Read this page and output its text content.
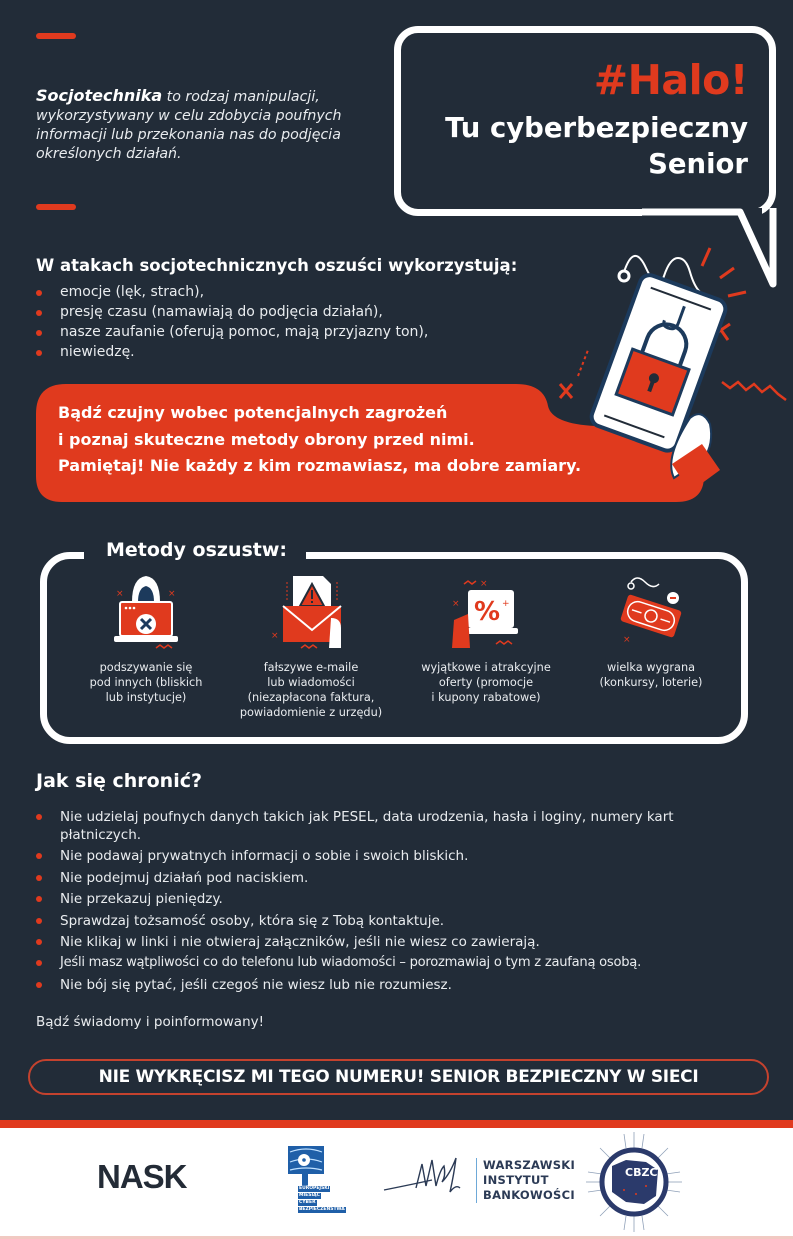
Socjotechnika to rodzaj manipulacji, wykorzystywany w celu zdobycia poufnych informacji lub przekonania nas do podjęcia określonych działań.

#Halo!
Tu cyberbezpieczny
Senior
W atakach socjotechnicznych oszuści wykorzystują:
emocje (lęk, strach),
presję czasu (namawiają do podjęcia działań),
nasze zaufanie (oferują pomoc, mają przyjazny ton),
niewiedzę.
Bądź czujny wobec potencjalnych zagrożeń
i poznaj skuteczne metody obrony przed nimi.
Pamiętaj! Nie każdy z kim rozmawiasz, ma dobre zamiary.
Metody oszustw:
×	×
podszywanie się
pod innych (bliskich
lub instytucje)
×
fałszywe e-maile
lub wiadomości
(niezapłacona faktura,
powiadomienie z urzędu)
×
× % +
wyjątkowe i atrakcyjne
oferty (promocje
i kupony rabatowe)
×
wielka wygrana
(konkursy, loterie)
Jak się chronić?
Nie udzielaj poufnych danych takich jak PESEL, data urodzenia, hasła i loginy, numery kart płatniczych.
Nie podawaj prywatnych informacji o sobie i swoich bliskich.
Nie podejmuj działań pod naciskiem.
Nie przekazuj pieniędzy.
Sprawdzaj tożsamość osoby, która się z Tobą kontaktuje.
Nie klikaj w linki i nie otwieraj załączników, jeśli nie wiesz co zawierają.
Jeśli masz wątpliwości co do telefonu lub wiadomości – porozmawiaj o tym z zaufaną osobą.
Nie bój się pytać, jeśli czegoś nie wiesz lub nie rozumiesz.

Bądź świadomy i poinformowany!

NIE WYKRĘCISZ MI TEGO NUMERU! SENIOR BEZPIECZNY W SIECI
NASK	EUROPEJSKI
MIESIĄC
CYBER
BEZPIECZEŃSTWA
WARSZAWSKI
INSTYTUT
BANKOWOŚCI
CBZC
